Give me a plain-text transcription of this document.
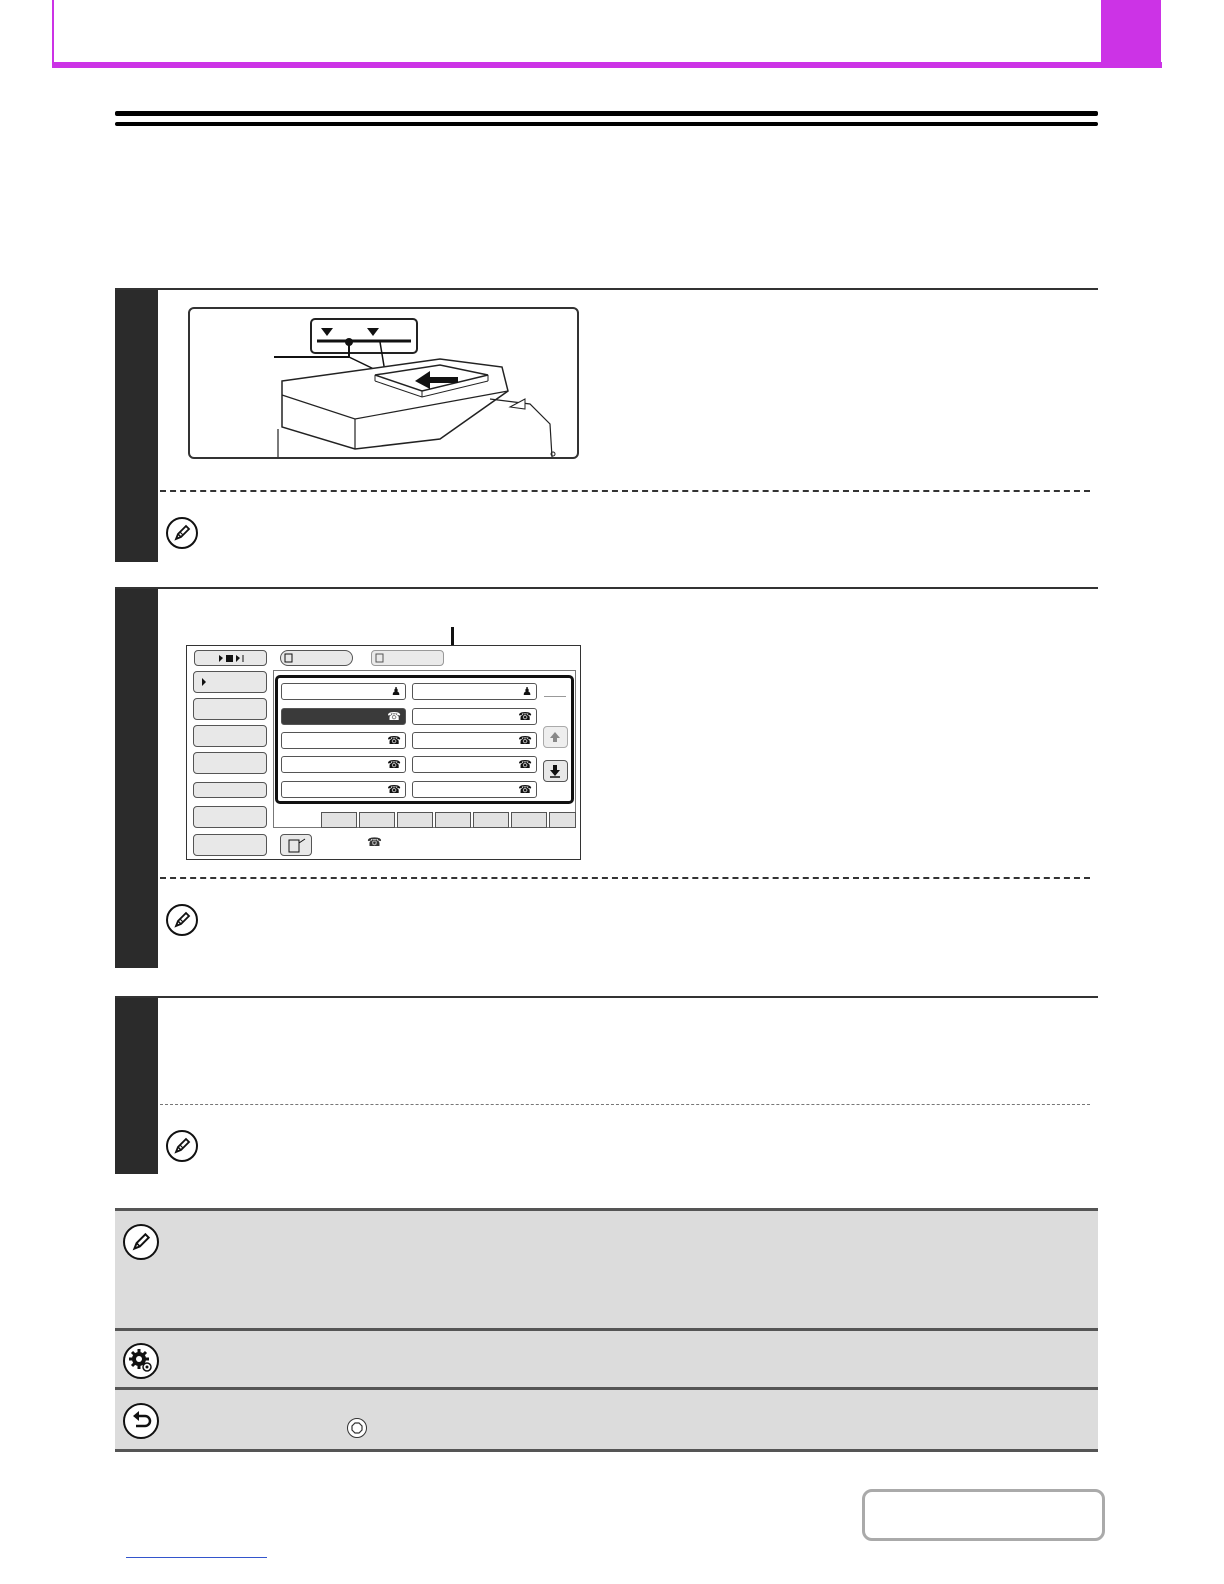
♟	♟
☎	☎
☎	☎
☎	☎
☎	☎
☎
